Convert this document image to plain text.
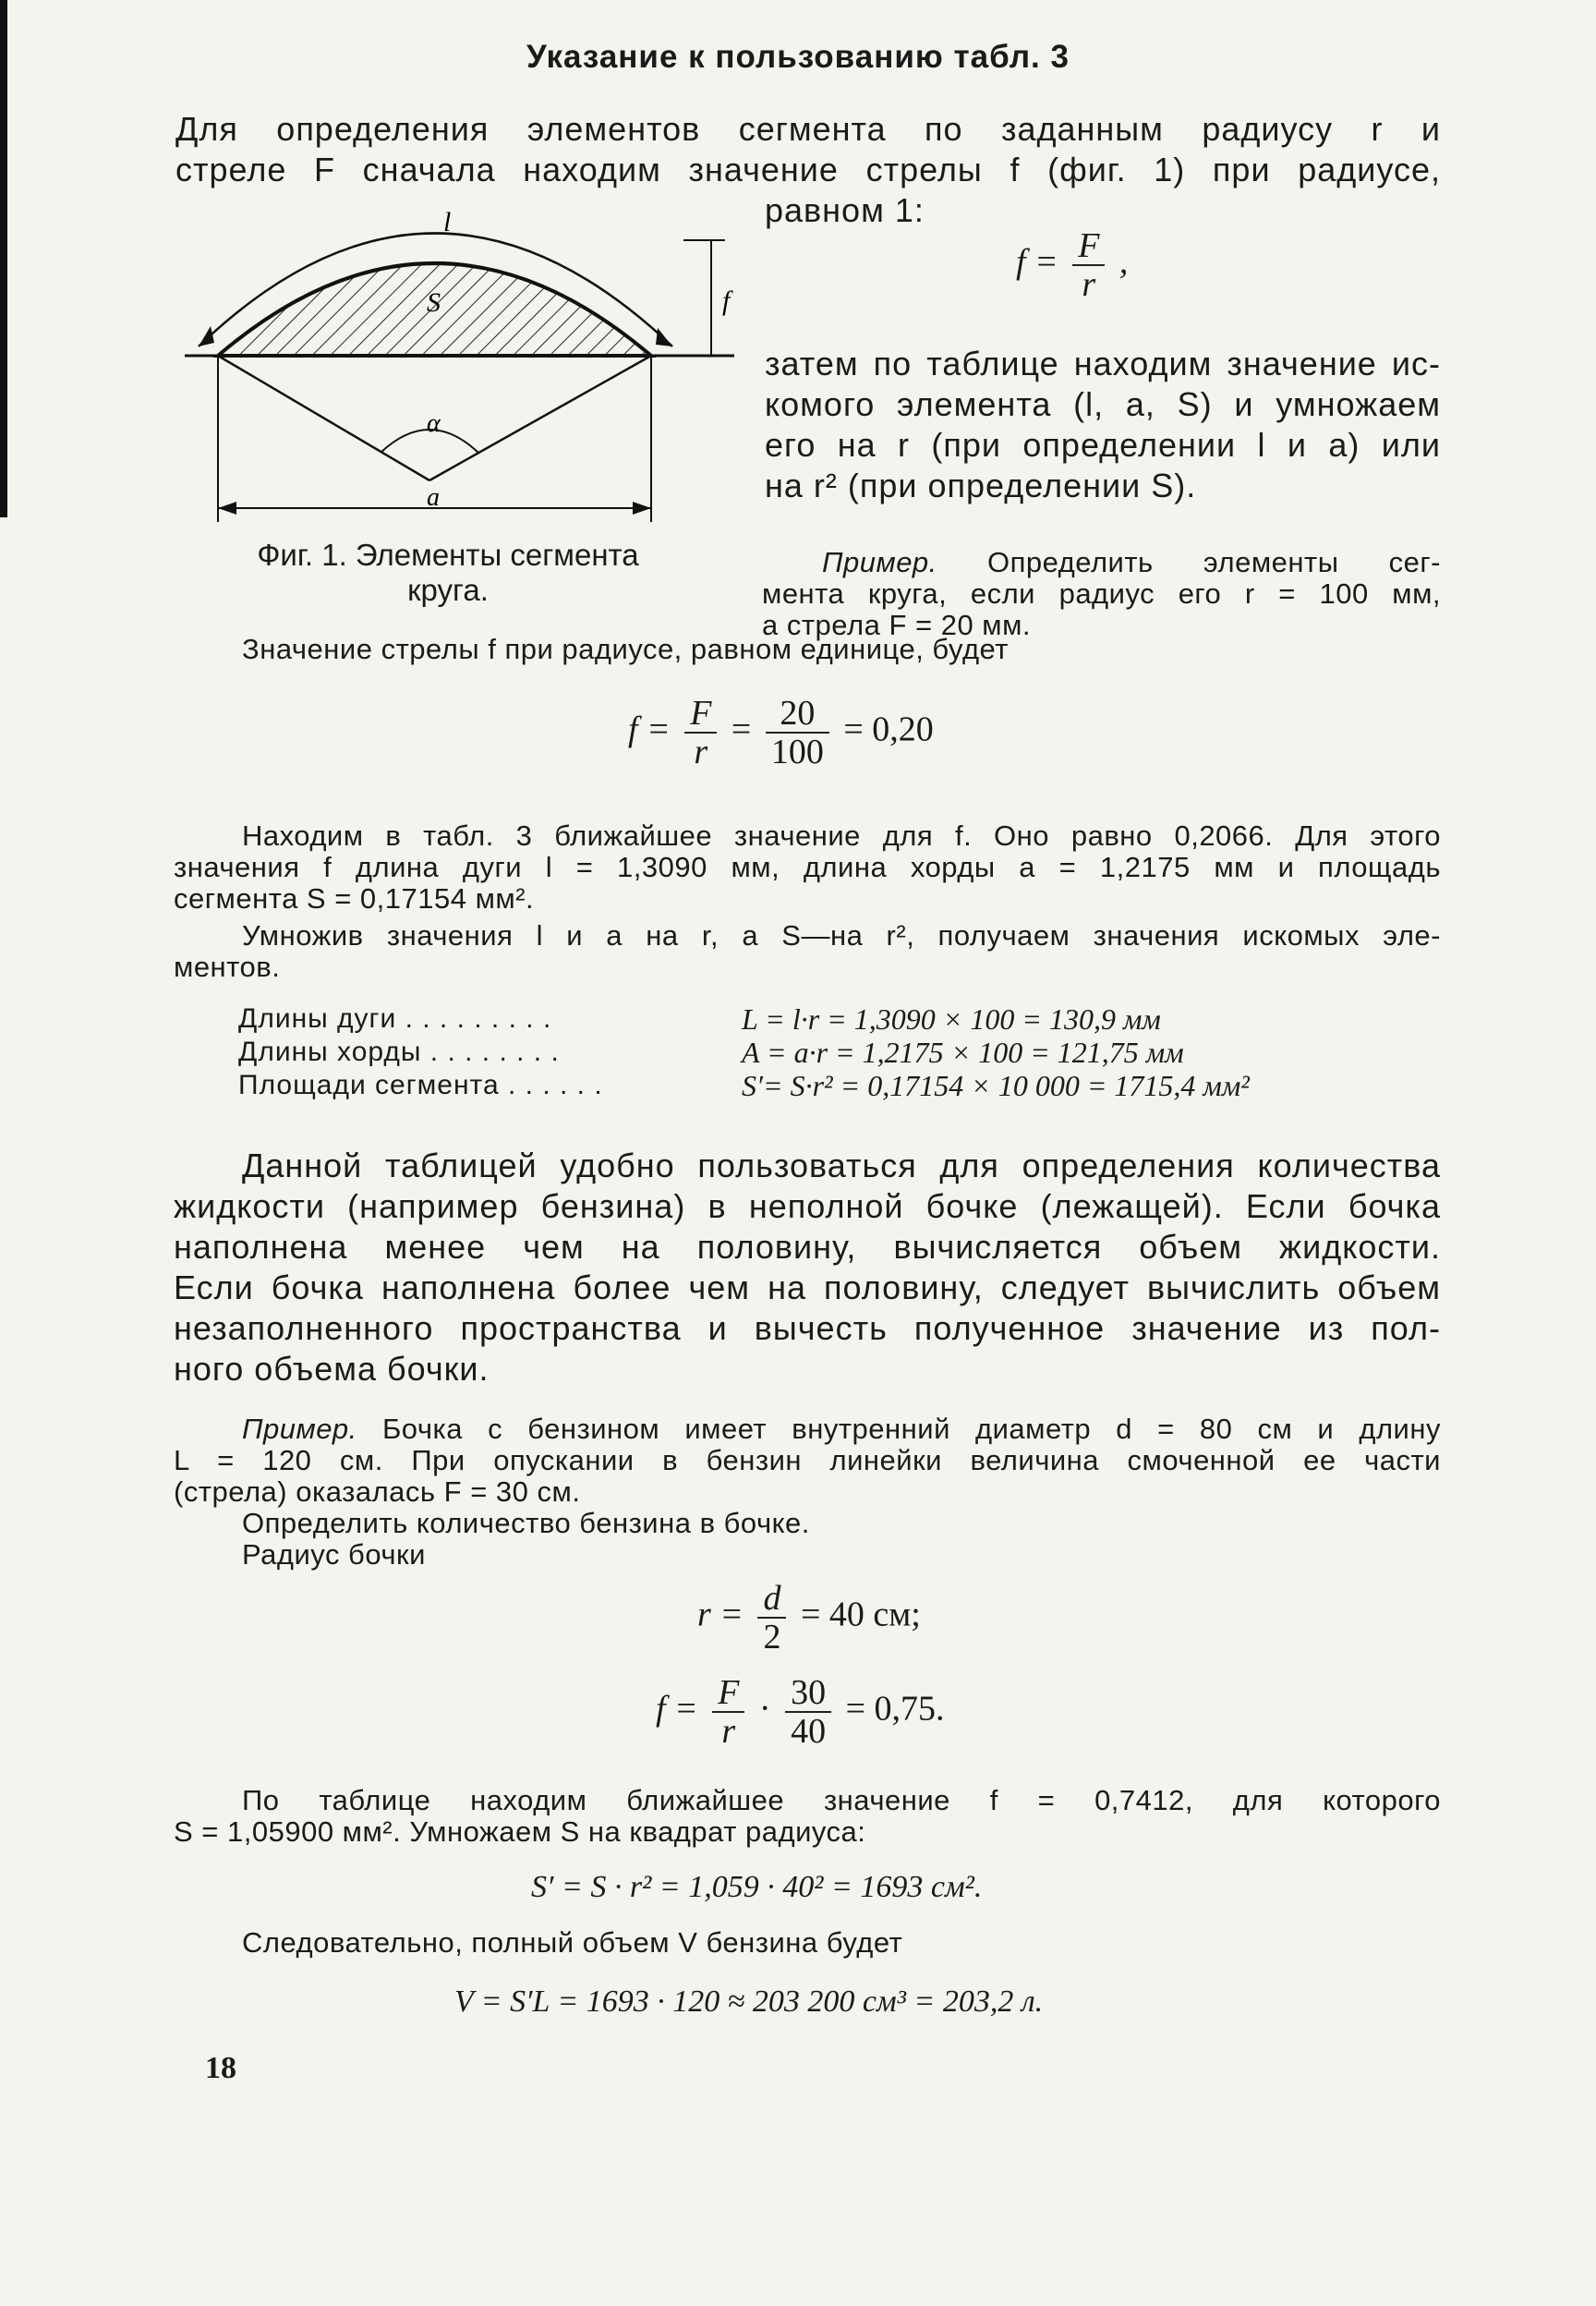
Указание к пользованию табл. 3
Для определения элементов сегмента по заданным радиусу r и
стреле F сначала находим значение стрелы f (фиг. 1) при радиусе,
равном 1:
$f = \frac{F}{r}$ ,
l
S	f
α
a
затем по таблице находим значение ис-
комого элемента (l, a, S) и умножаем
его на r (при определении l и a) или
на r² (при определении S).
Фиг. 1. Элементы сегмента
круга.
Пример. Определить элементы сег-
мента круга, если радиус его r = 100 мм,
а стрела F = 20 мм.
Значение стрелы f при радиусе, равном единице, будет
$f = \frac{F}{r} = \frac{20}{100} = 0,20$
Находим в табл. 3 ближайшее значение для f. Оно равно 0,2066. Для этого
значения f длина дуги l = 1,3090 мм, длина хорды a = 1,2175 мм и площадь
сегмента S = 0,17154 мм².
Умножив значения l и a на r, а S—на r², получаем значения искомых эле-
ментов.
Длины дуги . . . . . . . . .	L = l·r = 1,3090 × 100 = 130,9 мм
Длины хорды . . . . . . . .	A = a·r = 1,2175 × 100 = 121,75 мм
Площади сегмента . . . . . .	S′= S·r² = 0,17154 × 10 000 = 1715,4 мм²
Данной таблицей удобно пользоваться для определения количества
жидкости (например бензина) в неполной бочке (лежащей). Если бочка
наполнена менее чем на половину, вычисляется объем жидкости.
Если бочка наполнена более чем на половину, следует вычислить объем
незаполненного пространства и вычесть полученное значение из пол-
ного объема бочки.
Пример. Бочка с бензином имеет внутренний диаметр d = 80 см и длину
L = 120 см. При опускании в бензин линейки величина смоченной ее части
(стрела) оказалась F = 30 см.
Определить количество бензина в бочке.
Радиус бочки
$r = \frac{d}{2} = 40$ см;
$f = \frac{F}{r} \cdot \frac{30}{40} = 0,75$.
По таблице находим ближайшее значение f = 0,7412, для которого
S = 1,05900 мм². Умножаем S на квадрат радиуса:
S′ = S · r² = 1,059 · 40² = 1693 см².
Следовательно, полный объем V бензина будет
V = S′L = 1693 · 120 ≈ 203 200 см³ = 203,2 л.
18
